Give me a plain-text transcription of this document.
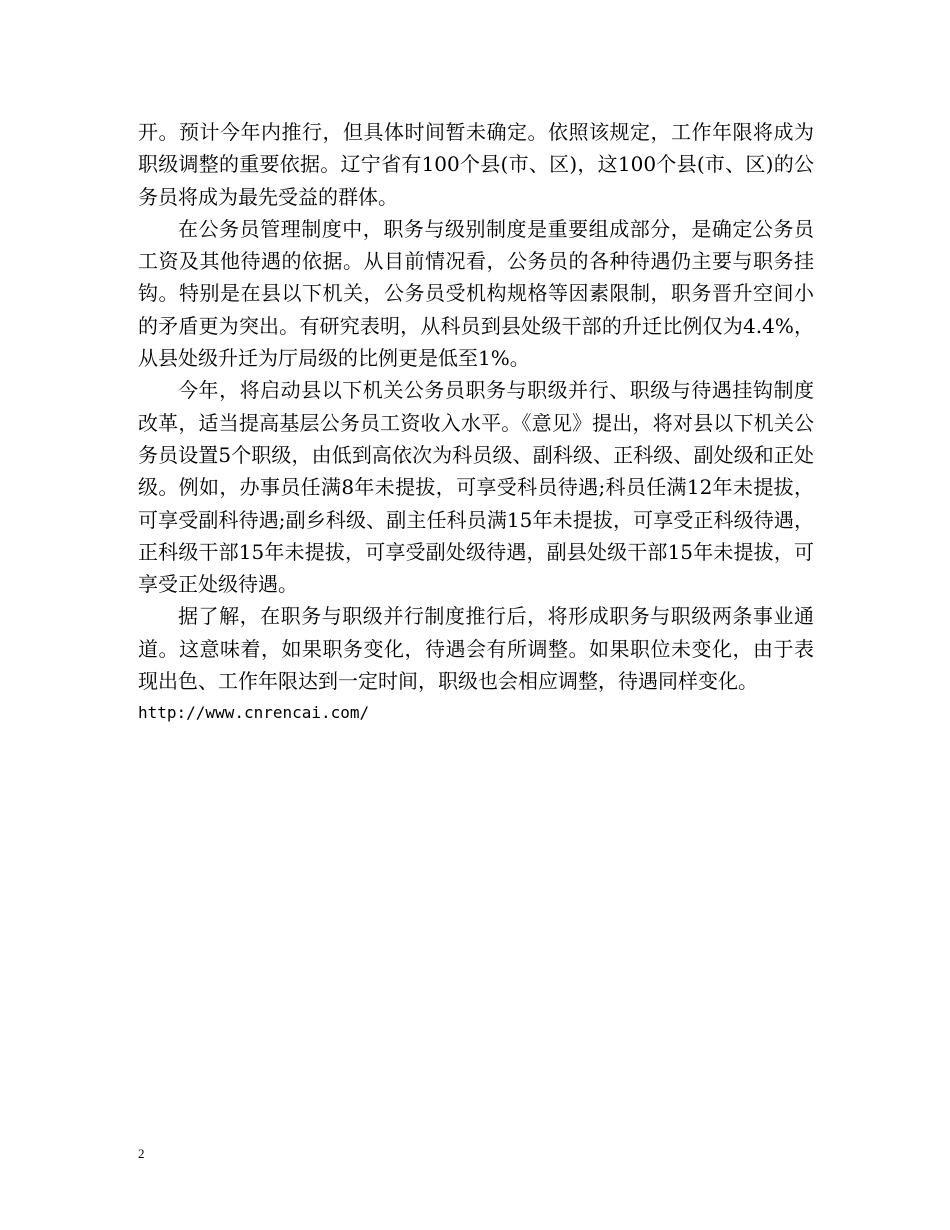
开。预计今年内推行，但具体时间暂未确定。依照该规定，工作年限将成为职级调整的重要依据。辽宁省有100个县(市、区)，这100个县(市、区)的公务员将成为最先受益的群体。

在公务员管理制度中，职务与级别制度是重要组成部分，是确定公务员工资及其他待遇的依据。从目前情况看，公务员的各种待遇仍主要与职务挂钩。特别是在县以下机关，公务员受机构规格等因素限制，职务晋升空间小的矛盾更为突出。有研究表明，从科员到县处级干部的升迁比例仅为4.4%，从县处级升迁为厅局级的比例更是低至1%。

今年，将启动县以下机关公务员职务与职级并行、职级与待遇挂钩制度改革，适当提高基层公务员工资收入水平。《意见》提出，将对县以下机关公务员设置5个职级，由低到高依次为科员级、副科级、正科级、副处级和正处级。例如，办事员任满8年未提拔，可享受科员待遇;科员任满12年未提拔，可享受副科待遇;副乡科级、副主任科员满15年未提拔，可享受正科级待遇，正科级干部15年未提拔，可享受副处级待遇，副县处级干部15年未提拔，可享受正处级待遇。

据了解，在职务与职级并行制度推行后，将形成职务与职级两条事业通道。这意味着，如果职务变化，待遇会有所调整。如果职位未变化，由于表现出色、工作年限达到一定时间，职级也会相应调整，待遇同样变化。

http://www.cnrencai.com/

2
